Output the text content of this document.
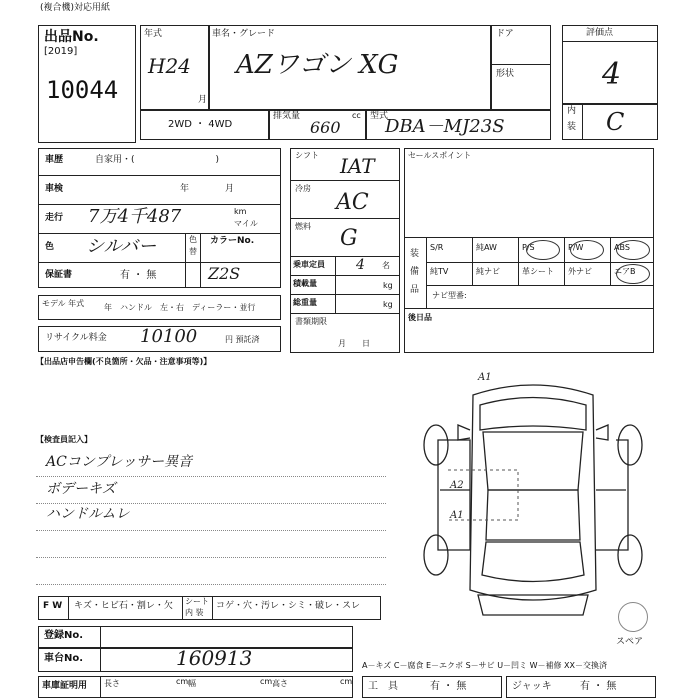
(複合機)対応用紙
出品No.
[2019]
10044
年式
H24
月
車名・グレード
AZワゴン XG
ドア
形状
2WD ・ 4WD
排気量	cc
660
型式
DBA－MJ23S
評価点
4
内
装 C
車歴	自家用・(　　　　　　　　　)
車検	年　　　　月
走行 7万4千487	km
マイル
色 シルバー	色
替
カラーNo.
Z2S
保証書	有 ・ 無
モデル 年式 年　ハンドル　左・右　ディーラー・並行
リサイクル料金 10100	円 預託済
【出品店申告欄(不良箇所・欠品・注意事項等)】
シフト IAT
冷房
AC
燃料 G
乗車定員 4 名
積載量	kg
総重量	kg
書類期限
月　　日
セールスポイント
装
備
品
S/R	純AW	P/S	P/W	ABS
純TV	純ナビ	革シート 外ナビ	エアB
ナビ型番:
後日品
【検査員記入】
ACコンプレッサー異音
ボデーキズ
ハンドルムレ
A1
A2
A1
スペア
F W キズ・ヒビ石・割レ・欠 シート
内 装
コゲ・穴・汚レ・シミ・破レ・スレ
登録No.
車台No.	160913
車庫証明用 長さ	cm 幅	cm 高さ	cm
A－キズ C－腐食 E－エクボ S－サビ U－凹ミ W－補修 XX－交換済
工　具	有 ・ 無	ジャッキ	有 ・ 無
